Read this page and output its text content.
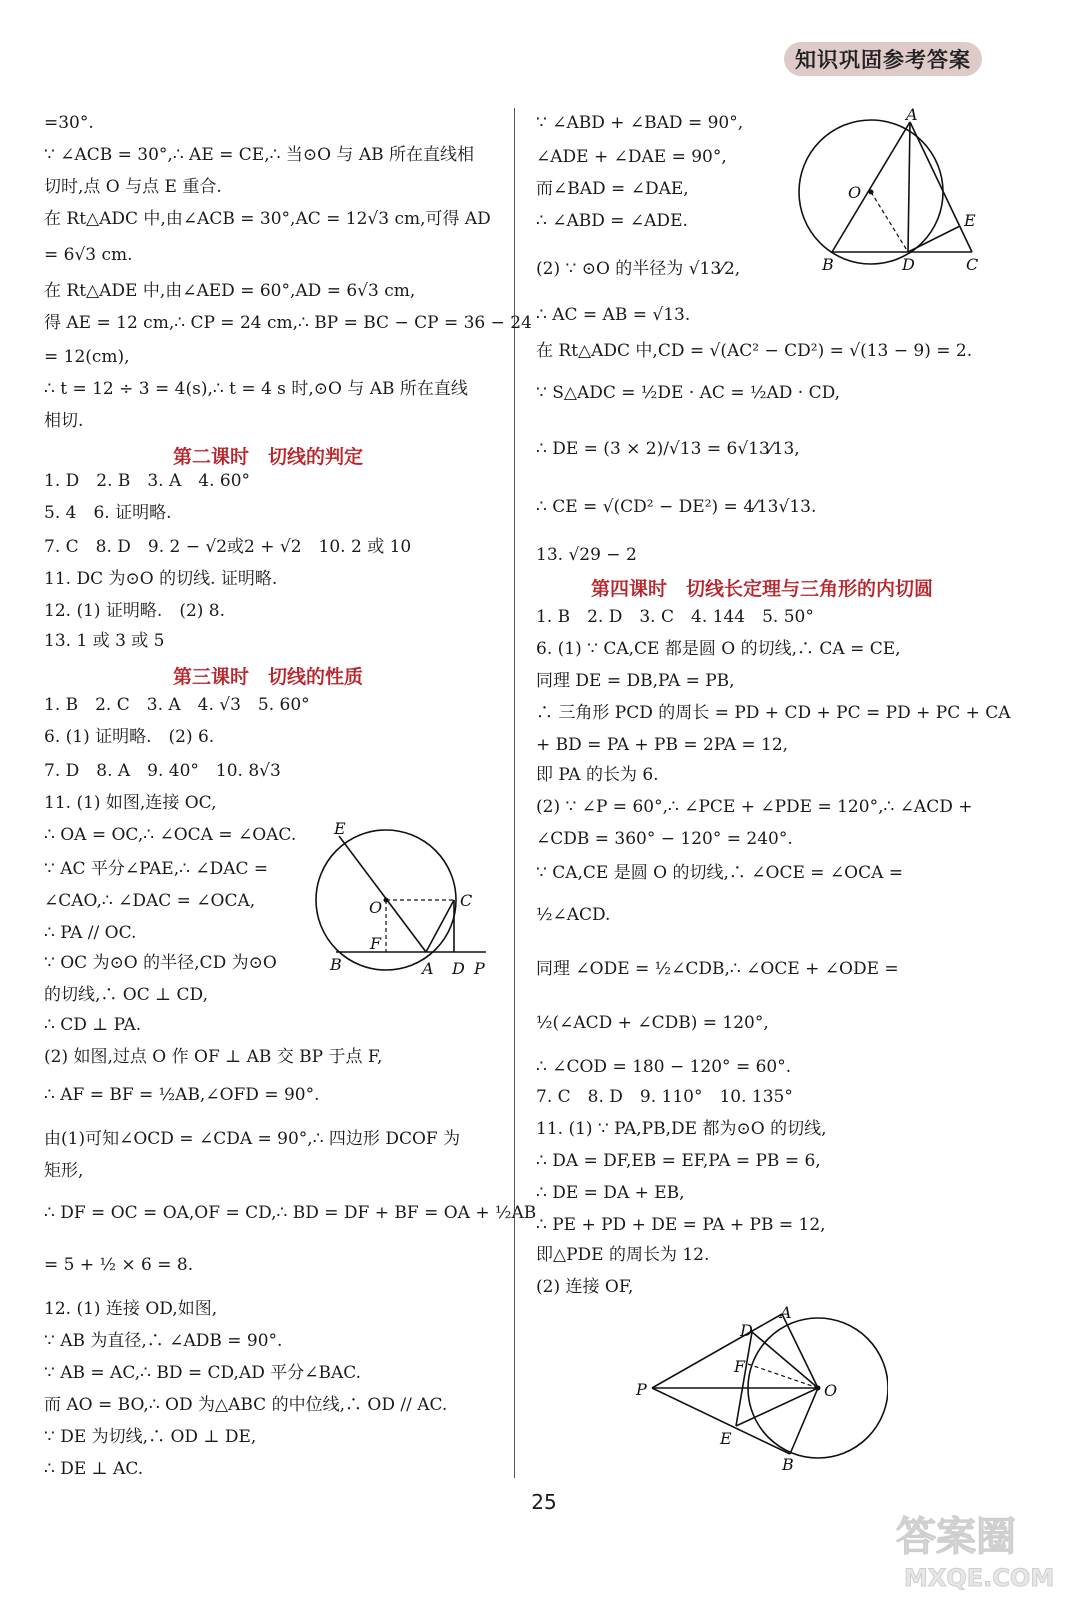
知识巩固参考答案
=30°.
∵ ∠ACB = 30°,∴ AE = CE,∴ 当⊙O 与 AB 所在直线相
切时,点 O 与点 E 重合.
在 Rt△ADC 中,由∠ACB = 30°,AC = 12√3 cm,可得 AD
= 6√3 cm.
在 Rt△ADE 中,由∠AED = 60°,AD = 6√3 cm,
得 AE = 12 cm,∴ CP = 24 cm,∴ BP = BC − CP = 36 − 24
= 12(cm),
∴ t = 12 ÷ 3 = 4(s),∴ t = 4 s 时,⊙O 与 AB 所在直线
相切.
第二课时　切线的判定
1. D　2. B　3. A　4. 60°
5. 4　6. 证明略.
7. C　8. D　9. 2 − √2或2 + √2　10. 2 或 10
11. DC 为⊙O 的切线. 证明略.
12. (1) 证明略.　(2) 8.
13. 1 或 3 或 5
第三课时　切线的性质
1. B　2. C　3. A　4. √3　5. 60°
6. (1) 证明略.　(2) 6.
7. D　8. A　9. 40°　10. 8√3
11. (1) 如图,连接 OC,
∴ OA = OC,∴ ∠OCA = ∠OAC.
∵ AC 平分∠PAE,∴ ∠DAC =
∠CAO,∴ ∠DAC = ∠OCA,
∴ PA // OC.
∵ OC 为⊙O 的半径,CD 为⊙O
的切线,∴ OC ⊥ CD,
∴ CD ⊥ PA.
(2) 如图,过点 O 作 OF ⊥ AB 交 BP 于点 F,
∴ AF = BF = ½AB,∠OFD = 90°.
由(1)可知∠OCD = ∠CDA = 90°,∴ 四边形 DCOF 为
矩形,
∴ DF = OC = OA,OF = CD,∴ BD = DF + BF = OA + ½AB
= 5 + ½ × 6 = 8.
12. (1) 连接 OD,如图,
∵ AB 为直径,∴ ∠ADB = 90°.
∵ AB = AC,∴ BD = CD,AD 平分∠BAC.
而 AO = BO,∴ OD 为△ABC 的中位线,∴ OD // AC.
∵ DE 为切线,∴ OD ⊥ DE,
∴ DE ⊥ AC.
∵ ∠ABD + ∠BAD = 90°,
∠ADE + ∠DAE = 90°,
而∠BAD = ∠DAE,
∴ ∠ABD = ∠ADE.
(2) ∵ ⊙O 的半径为 √13⁄2,
∴ AC = AB = √13.
在 Rt△ADC 中,CD = √(AC² − CD²) = √(13 − 9) = 2.
∵ S△ADC = ½DE · AC = ½AD · CD,
∴ DE = (3 × 2)/√13 = 6√13⁄13,
∴ CE = √(CD² − DE²) = 4⁄13√13.
13. √29 − 2
第四课时　切线长定理与三角形的内切圆
1. B　2. D　3. C　4. 144　5. 50°
6. (1) ∵ CA,CE 都是圆 O 的切线,∴ CA = CE,
同理 DE = DB,PA = PB,
∴ 三角形 PCD 的周长 = PD + CD + PC = PD + PC + CA
+ BD = PA + PB = 2PA = 12,
即 PA 的长为 6.
(2) ∵ ∠P = 60°,∴ ∠PCE + ∠PDE = 120°,∴ ∠ACD +
∠CDB = 360° − 120° = 240°.
∵ CA,CE 是圆 O 的切线,∴ ∠OCE = ∠OCA =
½∠ACD.
同理 ∠ODE = ½∠CDB,∴ ∠OCE + ∠ODE =
½(∠ACD + ∠CDB) = 120°,
∴ ∠COD = 180 − 120° = 60°.
7. C　8. D　9. 110°　10. 135°
11. (1) ∵ PA,PB,DE 都为⊙O 的切线,
∴ DA = DF,EB = EF,PA = PB = 6,
∴ DE = DA + EB,
∴ PE + PD + DE = PA + PB = 12,
即△PDE 的周长为 12.
(2) 连接 OF,
E
O	C
F
B	A D P
A
O
E
B	D	C
A
D
F
P	O
E
B
25
答案圈
MXQE.COM
